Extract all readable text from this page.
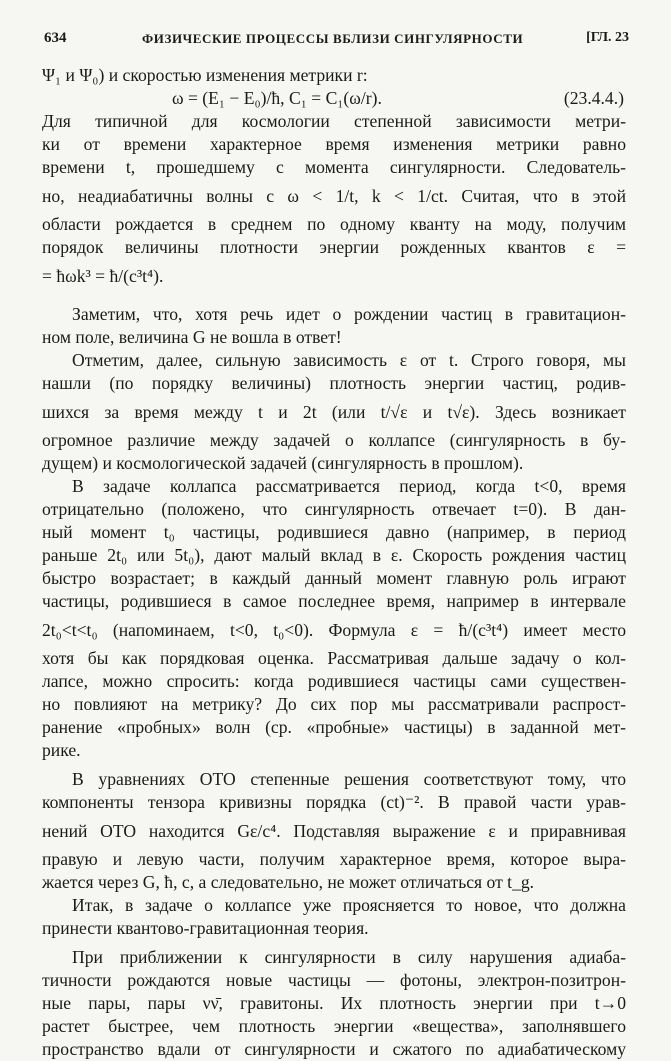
634	ФИЗИЧЕСКИЕ ПРОЦЕССЫ ВБЛИЗИ СИНГУЛЯРНОСТИ	[ГЛ. 23
Ψ₁ и Ψ₀) и скоростью изменения метрики r:
ω = (E₁ − E₀)/ħ, C₁ = C₁(ω/r).	(23.4.4.)
Для типичной для космологии степенной зависимости метри-
ки от времени характерное время изменения метрики равно
времени t, прошедшему с момента сингулярности. Следователь-
но, неадиабатичны волны с ω < 1/t, k < 1/ct. Считая, что в этой
области рождается в среднем по одному кванту на моду, получим
порядок величины плотности энергии рожденных квантов ε =
= ħωk³ = ħ/(c³t⁴).
Заметим, что, хотя речь идет о рождении частиц в гравитацион-
ном поле, величина G не вошла в ответ!
Отметим, далее, сильную зависимость ε от t. Строго говоря, мы
нашли (по порядку величины) плотность энергии частиц, родив-
шихся за время между t и 2t (или t/√ε и t√ε). Здесь возникает
огромное различие между задачей о коллапсе (сингулярность в бу-
дущем) и космологической задачей (сингулярность в прошлом).
В задаче коллапса рассматривается период, когда t<0, время
отрицательно (положено, что сингулярность отвечает t=0). В дан-
ный момент t₀ частицы, родившиеся давно (например, в период
раньше 2t₀ или 5t₀), дают малый вклад в ε. Скорость рождения частиц
быстро возрастает; в каждый данный момент главную роль играют
частицы, родившиеся в самое последнее время, например в интервале
2t₀<t<t₀ (напоминаем, t<0, t₀<0). Формула ε = ħ/(c³t⁴) имеет место
хотя бы как порядковая оценка. Рассматривая дальше задачу о кол-
лапсе, можно спросить: когда родившиеся частицы сами существен-
но повлияют на метрику? До сих пор мы рассматривали распрост-
ранение «пробных» волн (ср. «пробные» частицы) в заданной мет-
рике.
В уравнениях ОТО степенные решения соответствуют тому, что
компоненты тензора кривизны порядка (ct)⁻². В правой части урав-
нений ОТО находится Gε/c⁴. Подставляя выражение ε и приравнивая
правую и левую части, получим характерное время, которое выра-
жается через G, ħ, c, а следовательно, не может отличаться от t_g.
Итак, в задаче о коллапсе уже проясняется то новое, что должна
принести квантово-гравитационная теория.
При приближении к сингулярности в силу нарушения адиаба-
тичности рождаются новые частицы — фотоны, электрон-позитрон-
ные пары, пары νν̄, гравитоны. Их плотность энергии при t→0
растет быстрее, чем плотность энергии «вещества», заполнявшего
пространство вдали от сингулярности и сжатого по адиабатическому
